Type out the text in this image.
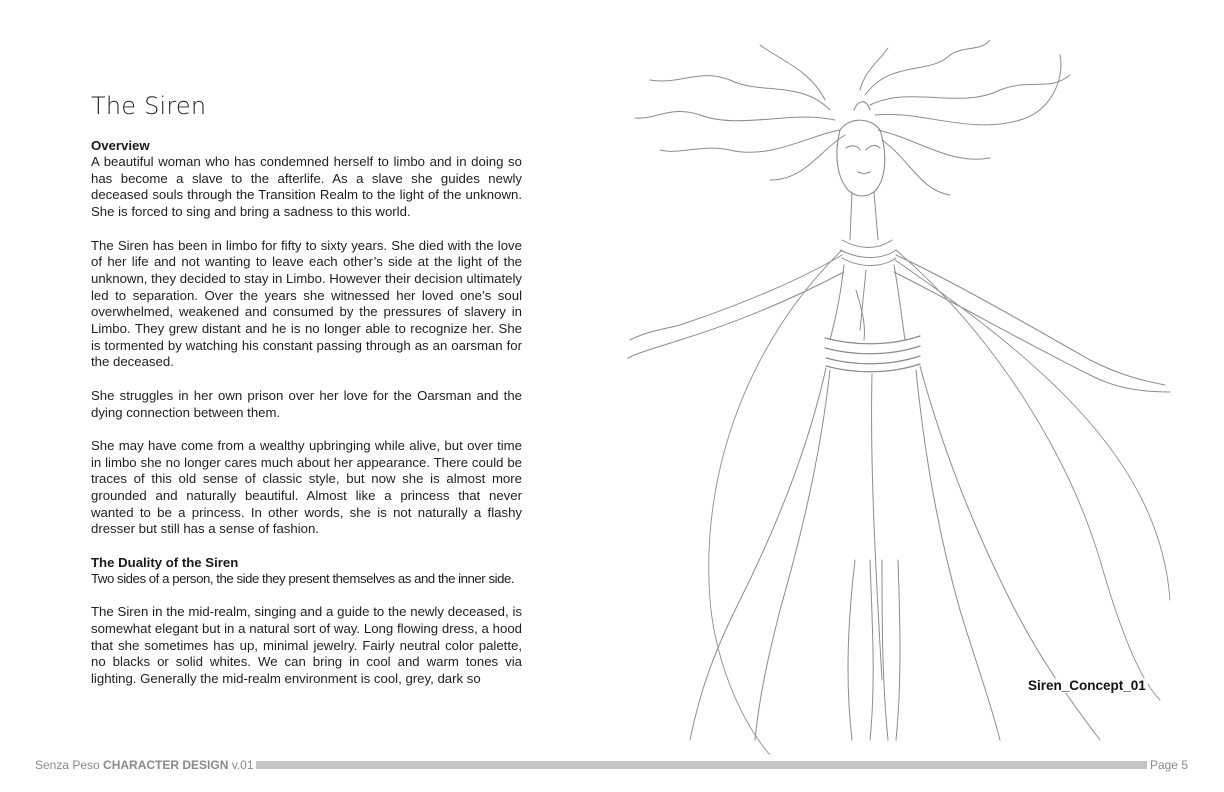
The Siren
Overview

A beautiful woman who has condemned herself to limbo and in doing so has become a slave to the afterlife. As a slave she guides newly deceased souls through the Transition Realm to the light of the unknown. She is forced to sing and bring a sadness to this world.

The Siren has been in limbo for fifty to sixty years. She died with the love of her life and not wanting to leave each other’s side at the light of the unknown, they decided to stay in Limbo. However their decision ultimately led to separation. Over the years she witnessed her loved one’s soul overwhelmed, weakened and consumed by the pressures of slavery in Limbo. They grew distant and he is no longer able to recognize her. She is tormented by watching his constant passing through as an oarsman for the deceased.

She struggles in her own prison over her love for the Oarsman and the dying connection between them.

She may have come from a wealthy upbringing while alive, but over time in limbo she no longer cares much about her appearance. There could be traces of this old sense of classic style, but now she is almost more grounded and naturally beautiful. Almost like a princess that never wanted to be a princess. In other words, she is not naturally a flashy dresser but still has a sense of fashion.

The Duality of the Siren

Two sides of a person, the side they present themselves as and the inner side.

The Siren in the mid-realm, singing and a guide to the newly deceased, is somewhat elegant but in a natural sort of way. Long flowing dress, a hood that she sometimes has up, minimal jewelry. Fairly neutral color palette, no blacks or solid whites. We can bring in cool and warm tones via lighting. Generally the mid-realm environment is cool, grey, dark so	Siren_Concept_01
Senza Peso CHARACTER DESIGN v.01	Page 5
